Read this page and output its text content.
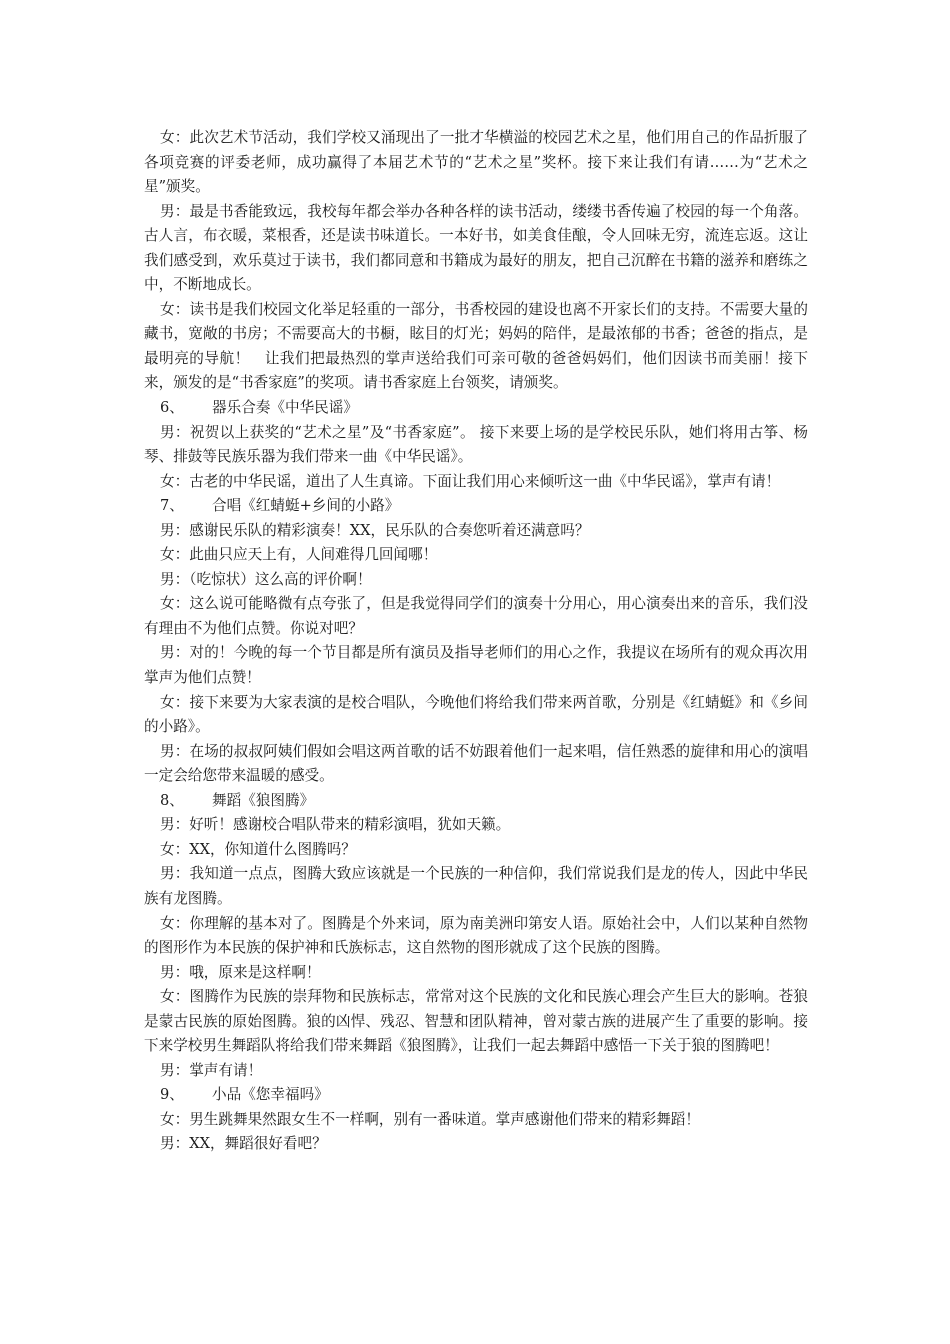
女：此次艺术节活动，我们学校又涌现出了一批才华横溢的校园艺术之星，他们用自己的作品折服了各项竞赛的评委老师，成功赢得了本届艺术节的“艺术之星”奖杯。接下来让我们有请……为“艺术之星”颁奖。

男：最是书香能致远，我校每年都会举办各种各样的读书活动，缕缕书香传遍了校园的每一个角落。古人言，布衣暖，菜根香，还是读书味道长。一本好书，如美食佳酿，令人回味无穷，流连忘返。这让我们感受到，欢乐莫过于读书，我们都同意和书籍成为最好的朋友，把自己沉醉在书籍的滋养和磨练之中，不断地成长。

女：读书是我们校园文化举足轻重的一部分，书香校园的建设也离不开家长们的支持。不需要大量的藏书，宽敞的书房；不需要高大的书橱，眩目的灯光；妈妈的陪伴，是最浓郁的书香；爸爸的指点，是最明亮的导航！　让我们把最热烈的掌声送给我们可亲可敬的爸爸妈妈们，他们因读书而美丽！接下来，颁发的是“书香家庭”的奖项。请书香家庭上台领奖，请颁奖。

6、 器乐合奏《中华民谣》

男：祝贺以上获奖的“艺术之星”及“书香家庭”。 接下来要上场的是学校民乐队，她们将用古筝、杨琴、排鼓等民族乐器为我们带来一曲《中华民谣》。

女：古老的中华民谣，道出了人生真谛。下面让我们用心来倾听这一曲《中华民谣》，掌声有请！

7、 合唱《红蜻蜓+乡间的小路》

男：感谢民乐队的精彩演奏！XX，民乐队的合奏您听着还满意吗？

女：此曲只应天上有，人间难得几回闻哪！

男：（吃惊状）这么高的评价啊！

女：这么说可能略微有点夸张了，但是我觉得同学们的演奏十分用心，用心演奏出来的音乐，我们没有理由不为他们点赞。你说对吧？

男：对的！今晚的每一个节目都是所有演员及指导老师们的用心之作，我提议在场所有的观众再次用掌声为他们点赞！

女：接下来要为大家表演的是校合唱队，今晚他们将给我们带来两首歌，分别是《红蜻蜓》和《乡间的小路》。

男：在场的叔叔阿姨们假如会唱这两首歌的话不妨跟着他们一起来唱，信任熟悉的旋律和用心的演唱一定会给您带来温暖的感受。

8、 舞蹈《狼图腾》

男：好听！感谢校合唱队带来的精彩演唱，犹如天籁。

女：XX，你知道什么图腾吗？

男：我知道一点点，图腾大致应该就是一个民族的一种信仰，我们常说我们是龙的传人，因此中华民族有龙图腾。

女：你理解的基本对了。图腾是个外来词，原为南美洲印第安人语。原始社会中，人们以某种自然物的图形作为本民族的保护神和氏族标志，这自然物的图形就成了这个民族的图腾。

男：哦，原来是这样啊！

女：图腾作为民族的崇拜物和民族标志，常常对这个民族的文化和民族心理会产生巨大的影响。苍狼是蒙古民族的原始图腾。狼的凶悍、残忍、智慧和团队精神，曾对蒙古族的进展产生了重要的影响。接下来学校男生舞蹈队将给我们带来舞蹈《狼图腾》，让我们一起去舞蹈中感悟一下关于狼的图腾吧！

男：掌声有请！

9、 小品《您幸福吗》

女：男生跳舞果然跟女生不一样啊，别有一番味道。掌声感谢他们带来的精彩舞蹈！

男：XX，舞蹈很好看吧？
